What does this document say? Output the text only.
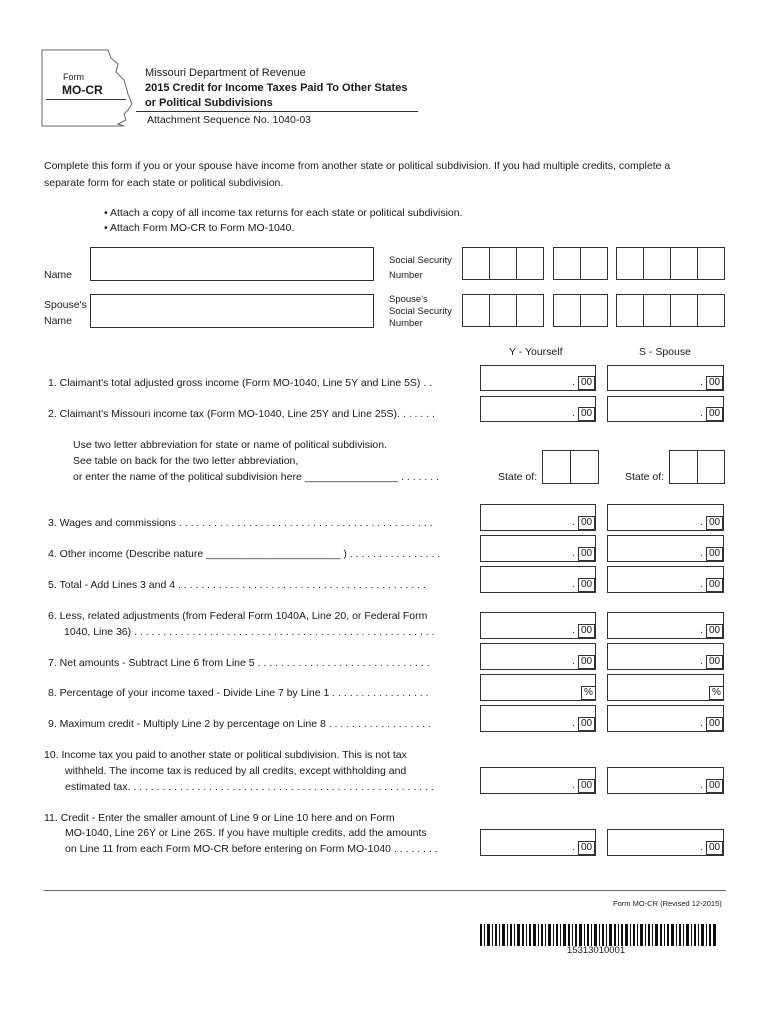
Form
MO-CR
Missouri Department of Revenue
2015 Credit for Income Taxes Paid To Other States
or Political Subdivisions
Attachment Sequence No. 1040-03
Complete this form if you or your spouse have income from another state or political subdivision. If you had multiple credits, complete a
separate form for each state or political subdivision.
• Attach a copy of all income tax returns for each state or political subdivision.
• Attach Form MO-CR to Form MO-1040.
Name
Social Security
Number
Spouse's
Name
Spouse's
Social Security
Number
Y - Yourself	S - Spouse
1. Claimant's total adjusted gross income (Form MO-1040, Line 5Y and Line 5S) . .	. 00	. 00
2. Claimant's Missouri income tax (Form MO-1040, Line 25Y and Line 25S). . . . . . .	. 00	. 00
Use two letter abbreviation for state or name of political subdivision.
See table on back for the two letter abbreviation,
or enter the name of the political subdivision here ________________ . . . . . . .	State of:	State of:
3. Wages and commissions . . . . . . . . . . . . . . . . . . . . . . . . . . . . . . . . . . . . . . . . . . . .	. 00	. 00
4. Other income (Describe nature _______________________ ) . . . . . . . . . . . . . . . .	. 00	. 00
5. Total - Add Lines 3 and 4 . . . . . . . . . . . . . . . . . . . . . . . . . . . . . . . . . . . . . . . . . . .	. 00	. 00
6. Less, related adjustments (from Federal Form 1040A, Line 20, or Federal Form
1040, Line 36) . . . . . . . . . . . . . . . . . . . . . . . . . . . . . . . . . . . . . . . . . . . . . . . . . . . .	. 00	. 00
7. Net amounts - Subtract Line 6 from Line 5 . . . . . . . . . . . . . . . . . . . . . . . . . . . . . .	. 00	. 00
8. Percentage of your income taxed - Divide Line 7 by Line 1 . . . . . . . . . . . . . . . . .	%	%
9. Maximum credit - Multiply Line 2 by percentage on Line 8 . . . . . . . . . . . . . . . . . .	. 00	. 00
10. Income tax you paid to another state or political subdivision. This is not tax
withheld. The income tax is reduced by all credits, except withholding and
estimated tax. . . . . . . . . . . . . . . . . . . . . . . . . . . . . . . . . . . . . . . . . . . . . . . . . . . . .	. 00	. 00
11. Credit - Enter the smaller amount of Line 9 or Line 10 here and on Form
MO-1040, Line 26Y or Line 26S. If you have multiple credits, add the amounts
on Line 11 from each Form MO-CR before entering on Form MO-1040 . . . . . . . .	. 00	. 00
Form MO-CR (Revised 12-2015)
15313010001
